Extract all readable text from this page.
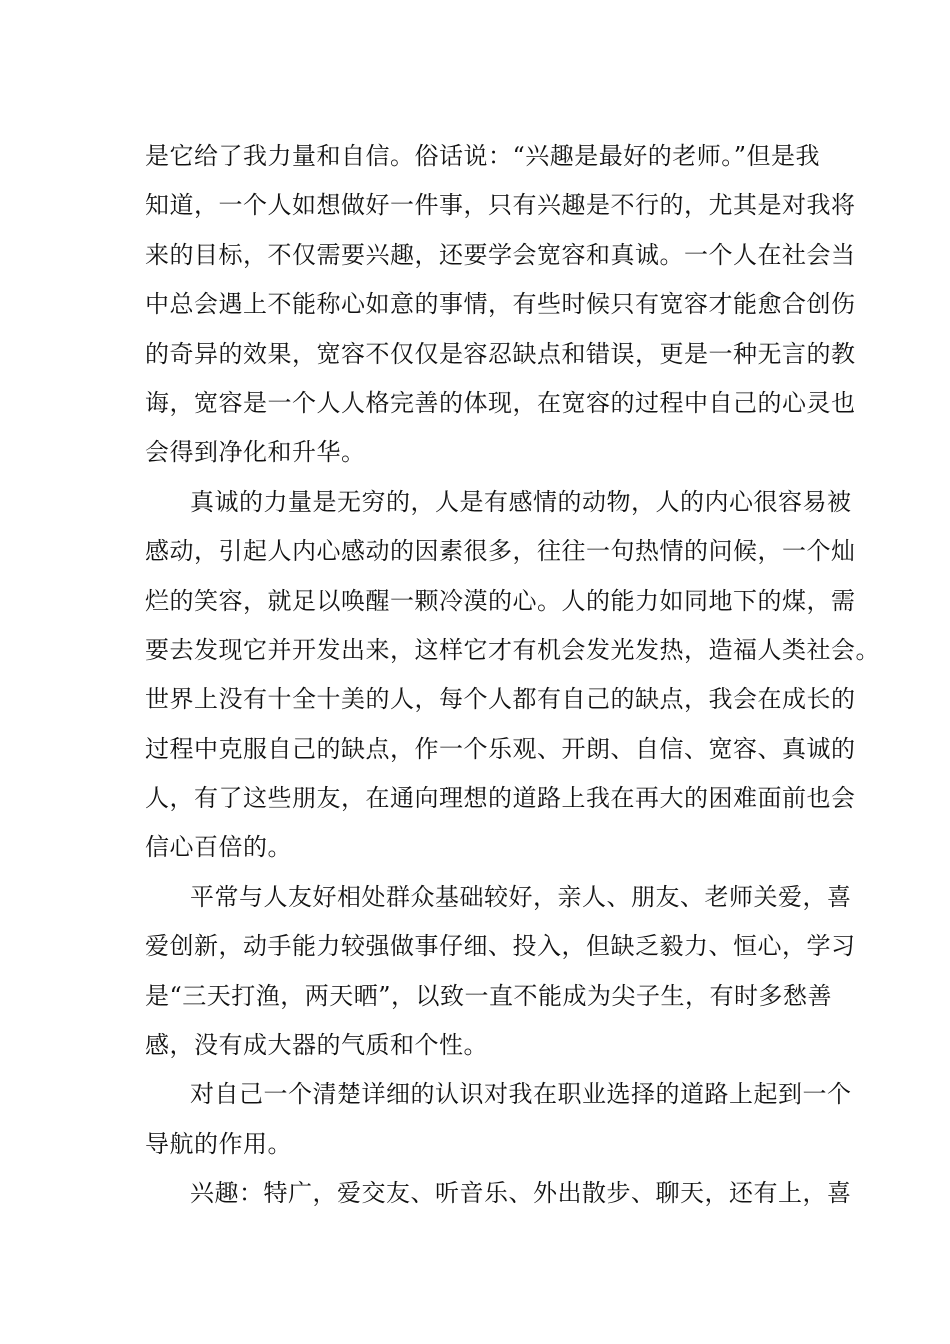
是它给了我力量和自信。俗话说：“兴趣是最好的老师。”但是我
知道，一个人如想做好一件事，只有兴趣是不行的，尤其是对我将
来的目标，不仅需要兴趣，还要学会宽容和真诚。一个人在社会当
中总会遇上不能称心如意的事情，有些时候只有宽容才能愈合创伤
的奇异的效果，宽容不仅仅是容忍缺点和错误，更是一种无言的教
诲，宽容是一个人人格完善的体现，在宽容的过程中自己的心灵也
会得到净化和升华。
真诚的力量是无穷的，人是有感情的动物，人的内心很容易被
感动，引起人内心感动的因素很多，往往一句热情的问候，一个灿
烂的笑容，就足以唤醒一颗冷漠的心。人的能力如同地下的煤，需
要去发现它并开发出来，这样它才有机会发光发热，造福人类社会。
世界上没有十全十美的人，每个人都有自己的缺点，我会在成长的
过程中克服自己的缺点，作一个乐观、开朗、自信、宽容、真诚的
人，有了这些朋友，在通向理想的道路上我在再大的困难面前也会
信心百倍的。
平常与人友好相处群众基础较好，亲人、朋友、老师关爱，喜
爱创新，动手能力较强做事仔细、投入，但缺乏毅力、恒心，学习
是“三天打渔，两天晒”，以致一直不能成为尖子生，有时多愁善
感，没有成大器的气质和个性。
对自己一个清楚详细的认识对我在职业选择的道路上起到一个
导航的作用。
兴趣：特广，爱交友、听音乐、外出散步、聊天，还有上，喜
